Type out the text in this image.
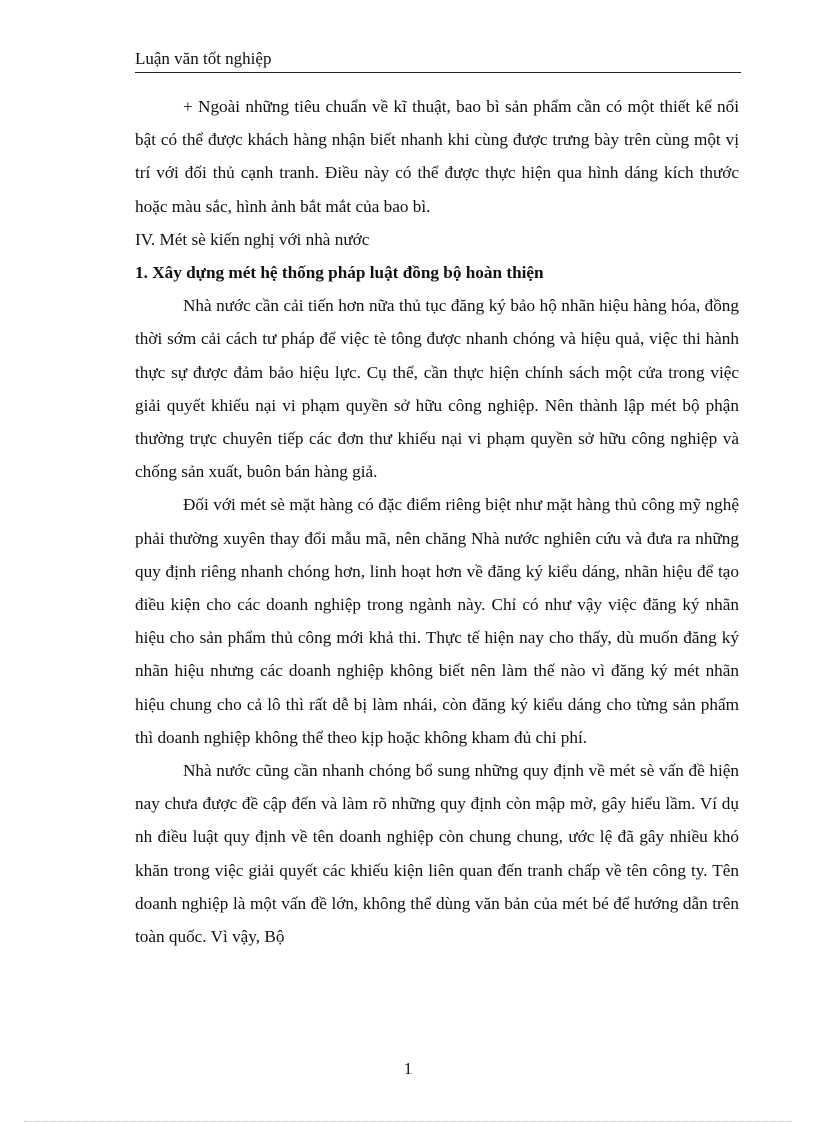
Luận văn tốt nghiệp

+ Ngoài những tiêu chuẩn về kĩ thuật, bao bì sản phẩm cần có một thiết kế nổi bật có thể được khách hàng nhận biết nhanh khi cùng được trưng bày trên cùng một vị trí với đối thủ cạnh tranh. Điều này có thể được thực hiện qua hình dáng kích thước hoặc màu sắc, hình ảnh bắt mắt của bao bì.

IV. Mét sè kiến nghị với nhà nước

1. Xây dựng mét hệ thống pháp luật đồng bộ hoàn thiện

Nhà nước cần cải tiến hơn nữa thủ tục đăng ký bảo hộ nhãn hiệu hàng hóa, đồng thời sớm cải cách tư pháp để việc tè tông được nhanh chóng và hiệu quả, việc thi hành thực sự được đảm bảo hiệu lực. Cụ thể, cần thực hiện chính sách một cửa trong việc giải quyết khiếu nại vi phạm quyền sở hữu công nghiệp. Nên thành lập mét bộ phận thường trực chuyên tiếp các đơn thư khiếu nại vi phạm quyền sở hữu công nghiệp và chống sản xuất, buôn bán hàng giả.

Đối với mét sè mặt hàng có đặc điểm riêng biệt như mặt hàng thủ công mỹ nghệ phải thường xuyên thay đổi mẫu mã, nên chăng Nhà nước nghiên cứu và đưa ra những quy định riêng nhanh chóng hơn, linh hoạt hơn về đăng ký kiểu dáng, nhãn hiệu để tạo điều kiện cho các doanh nghiệp trong ngành này. Chỉ có như vậy việc đăng ký nhãn hiệu cho sản phẩm thủ công mới khả thi. Thực tế hiện nay cho thấy, dù muốn đăng ký nhãn hiệu nhưng các doanh nghiệp không biết nên làm thế nào vì đăng ký mét nhãn hiệu chung cho cả lô thì rất dễ bị làm nhái, còn đăng ký kiểu dáng cho từng sản phẩm thì doanh nghiệp không thể theo kịp hoặc không kham đủ chi phí.

Nhà nước cũng cần nhanh chóng bổ sung những quy định về mét sè vấn đề hiện nay chưa được đề cập đến và làm rõ những quy định còn mập mờ, gây hiểu lầm. Ví dụ nh điều luật quy định về tên doanh nghiệp còn chung chung, ước lệ đã gây nhiều khó khăn trong việc giải quyết các khiếu kiện liên quan đến tranh chấp về tên công ty. Tên doanh nghiệp là một vấn đề lớn, không thể dùng văn bản của mét bé để hướng dẫn trên toàn quốc. Vì vậy, Bộ

1
